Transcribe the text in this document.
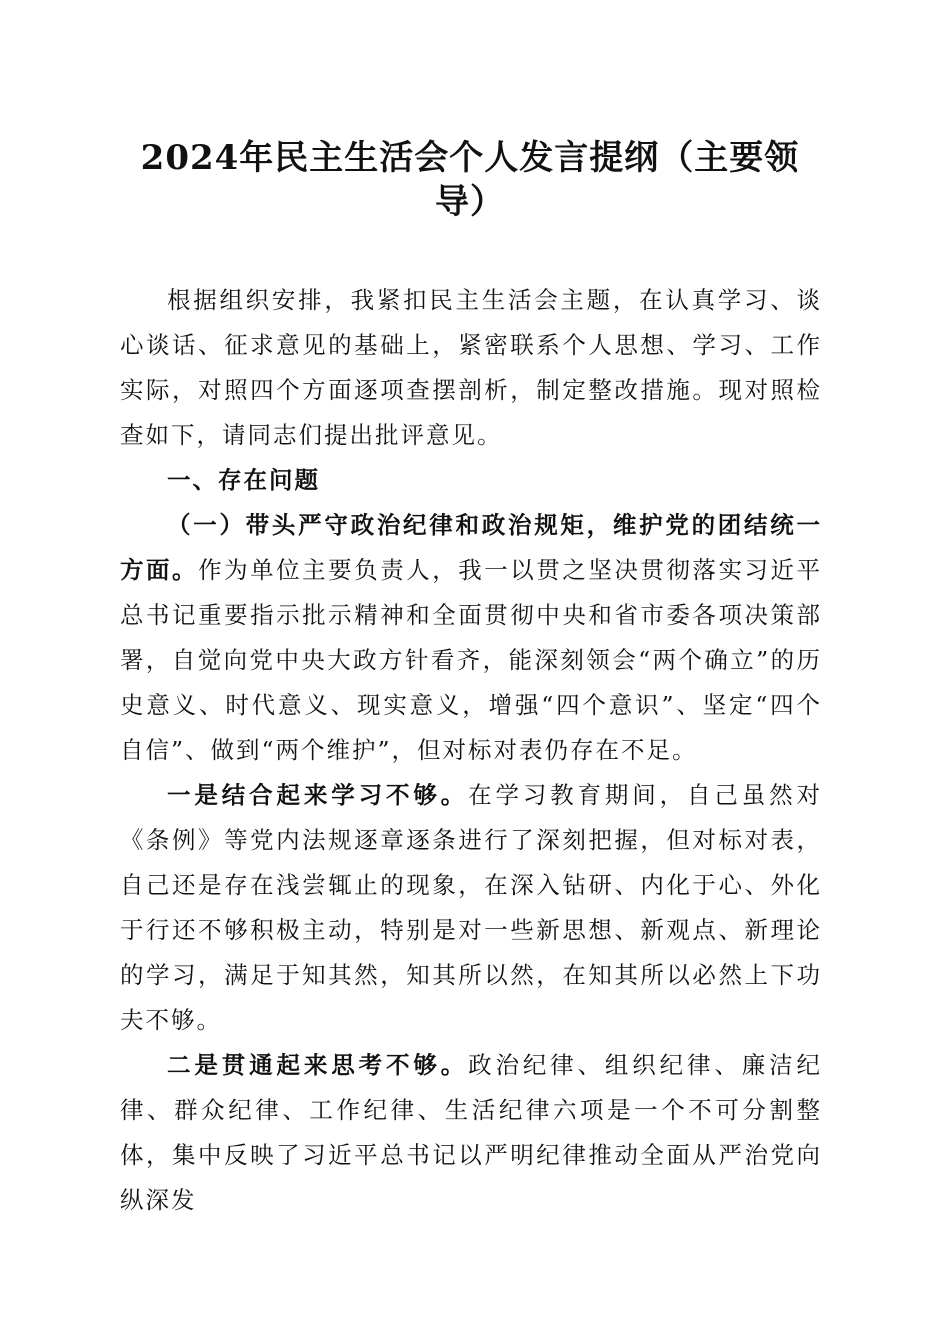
2024年民主生活会个人发言提纲（主要领导）

根据组织安排，我紧扣民主生活会主题，在认真学习、谈心谈话、征求意见的基础上，紧密联系个人思想、学习、工作实际，对照四个方面逐项查摆剖析，制定整改措施。现对照检查如下，请同志们提出批评意见。

一、存在问题

（一）带头严守政治纪律和政治规矩，维护党的团结统一方面。作为单位主要负责人，我一以贯之坚决贯彻落实习近平总书记重要指示批示精神和全面贯彻中央和省市委各项决策部署，自觉向党中央大政方针看齐，能深刻领会“两个确立”的历史意义、时代意义、现实意义，增强“四个意识”、坚定“四个自信”、做到“两个维护”，但对标对表仍存在不足。

一是结合起来学习不够。在学习教育期间，自己虽然对《条例》等党内法规逐章逐条进行了深刻把握，但对标对表，自己还是存在浅尝辄止的现象，在深入钻研、内化于心、外化于行还不够积极主动，特别是对一些新思想、新观点、新理论的学习，满足于知其然，知其所以然，在知其所以必然上下功夫不够。

二是贯通起来思考不够。政治纪律、组织纪律、廉洁纪律、群众纪律、工作纪律、生活纪律六项是一个不可分割整体，集中反映了习近平总书记以严明纪律推动全面从严治党向纵深发
